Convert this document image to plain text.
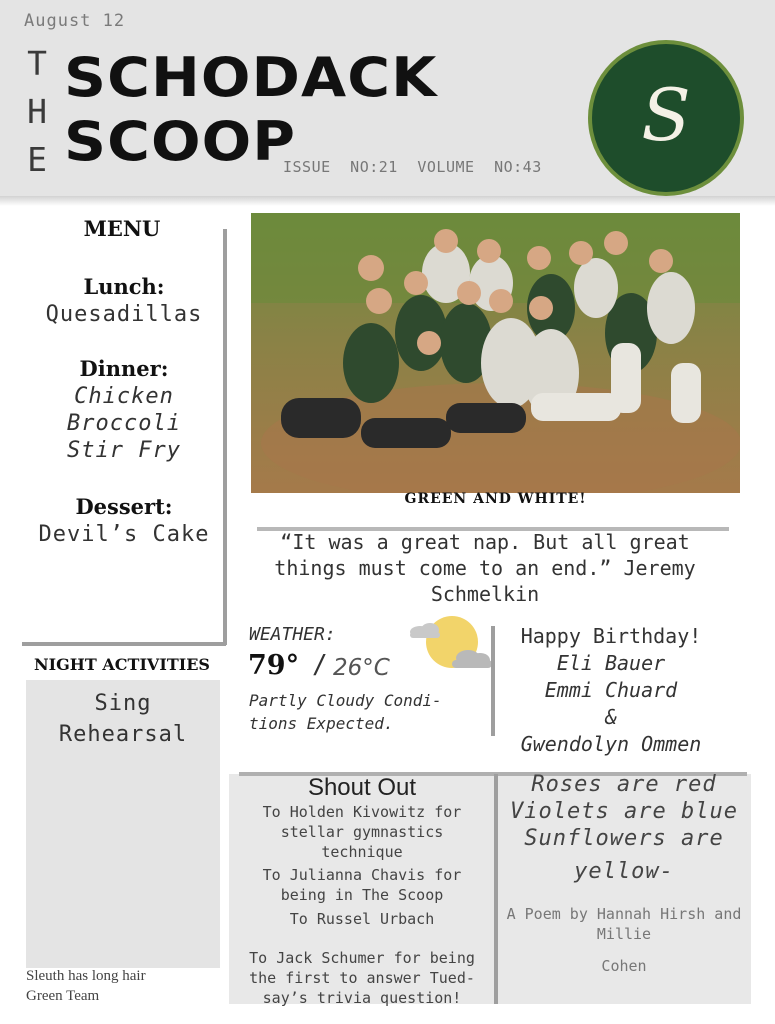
August 12
T
H
E
SCHODACK
SCOOP
ISSUE NO:21 VOLUME NO:43
S
MENU
Lunch:
Quesadillas
Dinner:
Chicken
Broccoli
Stir Fry
Dessert:
Devil’s Cake
NIGHT ACTIVITIES
Sing
Rehearsal
Sleuth has long hair
Green Team
GREEN AND WHITE!
“It was a great nap. But all great
things must come to an end.” Jeremy
Schmelkin
WEATHER:
79° / 26°C
Partly Cloudy Condi-
tions Expected.
Happy Birthday!
Eli Bauer
Emmi Chuard
&
Gwendolyn Ommen
Shout Out
To Holden Kivowitz for
stellar gymnastics
technique
To Julianna Chavis for
being in The Scoop
To Russel Urbach
To Jack Schumer for being
the first to answer Tued-
say’s trivia question!
Roses are red
Violets are blue
Sunflowers are
yellow-
A Poem by Hannah Hirsh and
Millie
Cohen
